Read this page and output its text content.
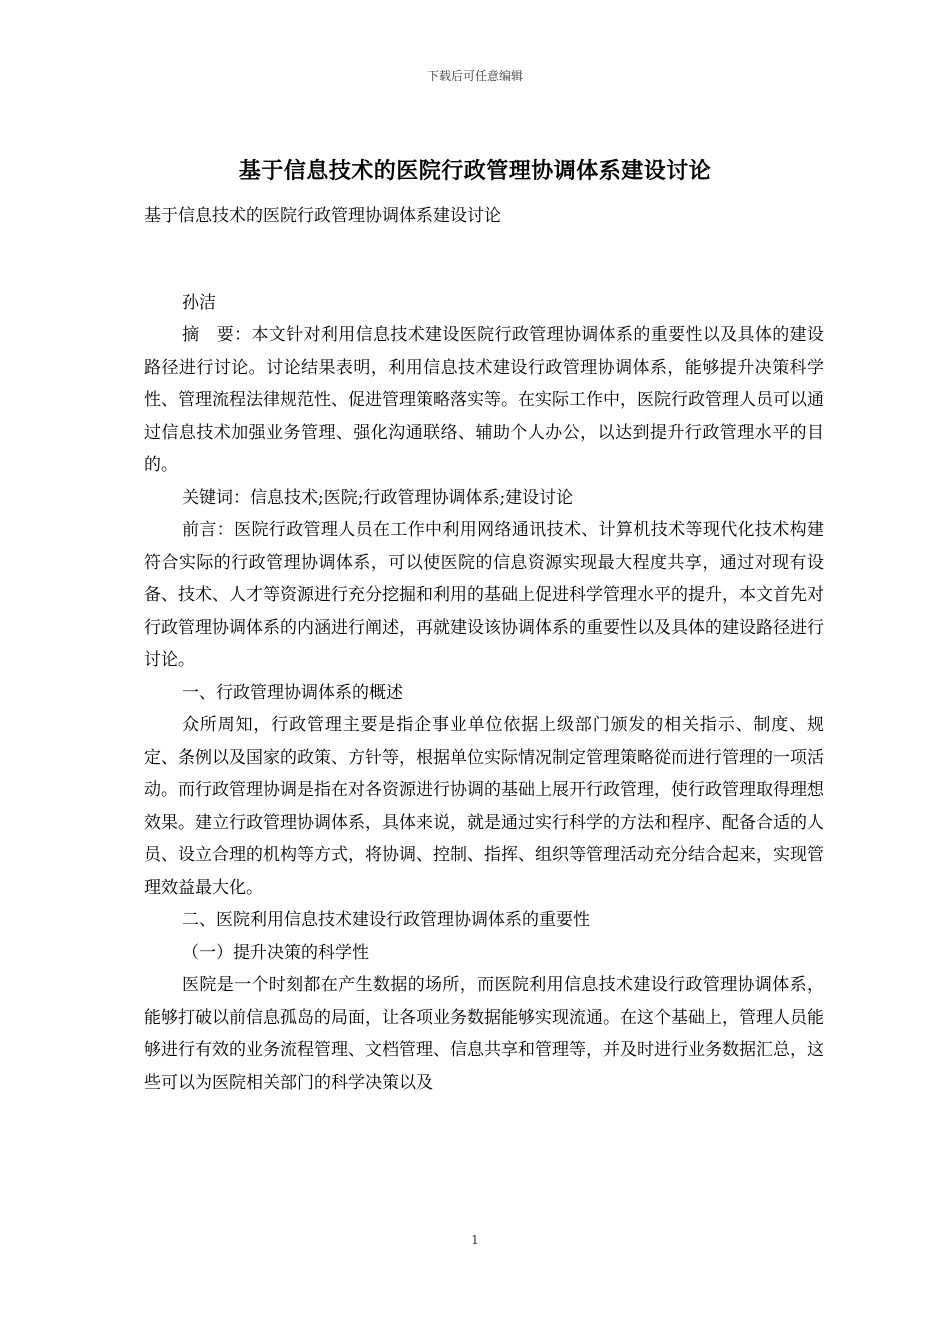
下载后可任意编辑
基于信息技术的医院行政管理协调体系建设讨论

基于信息技术的医院行政管理协调体系建设讨论

孙洁

摘　要：本文针对利用信息技术建设医院行政管理协调体系的重要性以及具体的建设路径进行讨论。讨论结果表明，利用信息技术建设行政管理协调体系，能够提升决策科学性、管理流程法律规范性、促进管理策略落实等。在实际工作中，医院行政管理人员可以通过信息技术加强业务管理、强化沟通联络、辅助个人办公，以达到提升行政管理水平的目的。

关键词：信息技术;医院;行政管理协调体系;建设讨论

前言：医院行政管理人员在工作中利用网络通讯技术、计算机技术等现代化技术构建符合实际的行政管理协调体系，可以使医院的信息资源实现最大程度共享，通过对现有设备、技术、人才等资源进行充分挖掘和利用的基础上促进科学管理水平的提升，本文首先对行政管理协调体系的内涵进行阐述，再就建设该协调体系的重要性以及具体的建设路径进行讨论。

一、行政管理协调体系的概述

众所周知，行政管理主要是指企事业单位依据上级部门颁发的相关指示、制度、规定、条例以及国家的政策、方针等，根据单位实际情况制定管理策略從而进行管理的一项活动。而行政管理协调是指在对各资源进行协调的基础上展开行政管理，使行政管理取得理想效果。建立行政管理协调体系，具体来说，就是通过实行科学的方法和程序、配备合适的人员、设立合理的机构等方式，将协调、控制、指挥、组织等管理活动充分结合起来，实现管理效益最大化。

二、医院利用信息技术建设行政管理协调体系的重要性

（一）提升决策的科学性

医院是一个时刻都在产生数据的场所，而医院利用信息技术建设行政管理协调体系，能够打破以前信息孤岛的局面，让各项业务数据能够实现流通。在这个基础上，管理人员能够进行有效的业务流程管理、文档管理、信息共享和管理等，并及时进行业务数据汇总，这些可以为医院相关部门的科学决策以及

1
